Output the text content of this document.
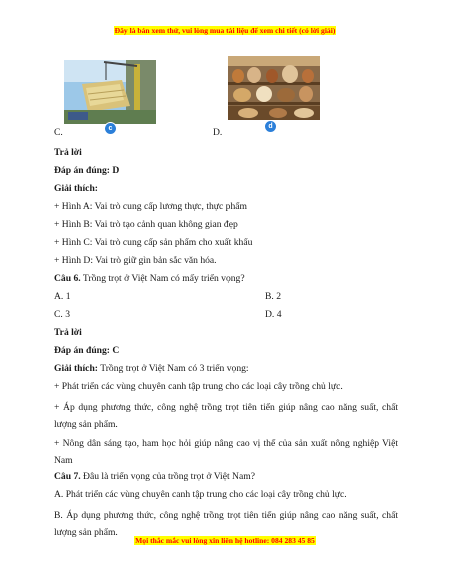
Đây là bản xem thử, vui lòng mua tài liệu để xem chi tiết (có lời giải)
c	d
C.	D.
Trả lời
Đáp án đúng: D
Giải thích:
+ Hình A: Vai trò cung cấp lương thực, thực phẩm
+ Hình B: Vai trò tạo cảnh quan không gian đẹp
+ Hình C: Vai trò cung cấp sản phẩm cho xuất khẩu
+ Hình D: Vai trò giữ gìn bản sắc văn hóa.
Câu 6. Trồng trọt ở Việt Nam có mấy triển vọng?
A. 1	B. 2
C. 3	D. 4
Trả lời
Đáp án đúng: C
Giải thích: Trồng trọt ở Việt Nam có 3 triển vọng:
+ Phát triển các vùng chuyên canh tập trung cho các loại cây trồng chủ lực.
+ Áp dụng phương thức, công nghệ trồng trọt tiên tiến giúp nâng cao năng suất, chất lượng sản phẩm.
+ Nông dân sáng tạo, ham học hỏi giúp nâng cao vị thế của sản xuất nông nghiệp Việt Nam
Câu 7. Đâu là triển vọng của trồng trọt ở Việt Nam?
A. Phát triển các vùng chuyên canh tập trung cho các loại cây trồng chủ lực.
B. Áp dụng phương thức, công nghệ trồng trọt tiên tiến giúp nâng cao năng suất, chất lượng sản phẩm.
Mọi thắc mắc vui lòng xin liên hệ hotline: 084 283 45 85
